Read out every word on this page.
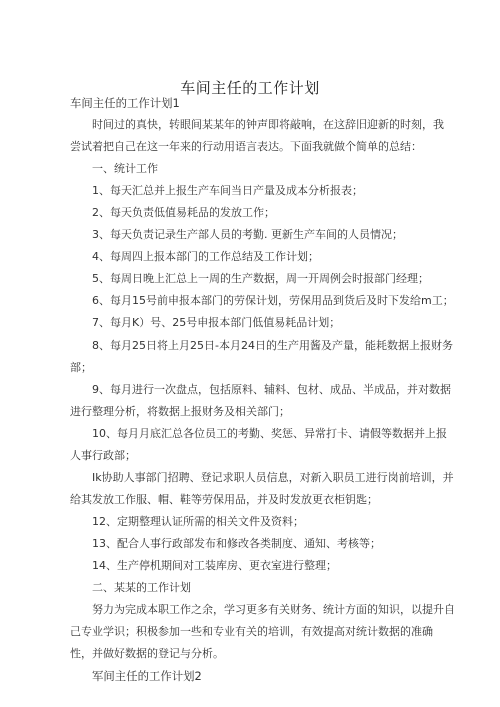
车间主任的工作计划
车间主任的工作计划1
时间过的真快，转眼间某某年的钟声即将敲响，在这辞旧迎新的时刻，我
尝试着把自己在这一年来的行动用语言表达。下面我就做个简单的总结：
一、统计工作
1、每天汇总并上报生产车间当日产量及成本分析报表；
2、每天负责低值易耗品的发放工作；
3、每天负责记录生产部人员的考勤. 更新生产车间的人员情况；
4、每周四上报本部门的工作总结及工作计划；
5、每周日晚上汇总上一周的生产数据，周一开周例会时报部门经理；
6、每月15号前申报本部门的劳保计划，劳保用品到货后及时下发给m工；
7、每月K）号、25号申报本部门低值易耗品计划；
8、每月25日将上月25日-本月24日的生产用酱及产量，能耗数据上报财务
部；
9、每月进行一次盘点，包括原料、辅料、包材、成品、半成品，并对数据
进行整理分析，将数据上报财务及相关部门；
10、每月月底汇总各位员工的考勤、奖惩、异常打卡、请假等数据并上报
人事行政部；
Ik协助人事部门招聘、登记求职人员信息，对新入职员工进行岗前培训，并
给其发放工作服、帽、鞋等劳保用品，并及时发放更衣柜钥匙；
12、定期整理认证所需的相关文件及资料；
13、配合人事行政部发布和修改各类制度、通知、考核等；
14、生产停机期间对工装库房、更衣室进行整理；
二、某某的工作计划
努力为完成本职工作之余，学习更多有关财务、统计方面的知识，以提升自
己专业学识；积极参加一些和专业有关的培训，有效提高对统计数据的准确
性，并做好数据的登记与分析。
军间主任的工作计划2
